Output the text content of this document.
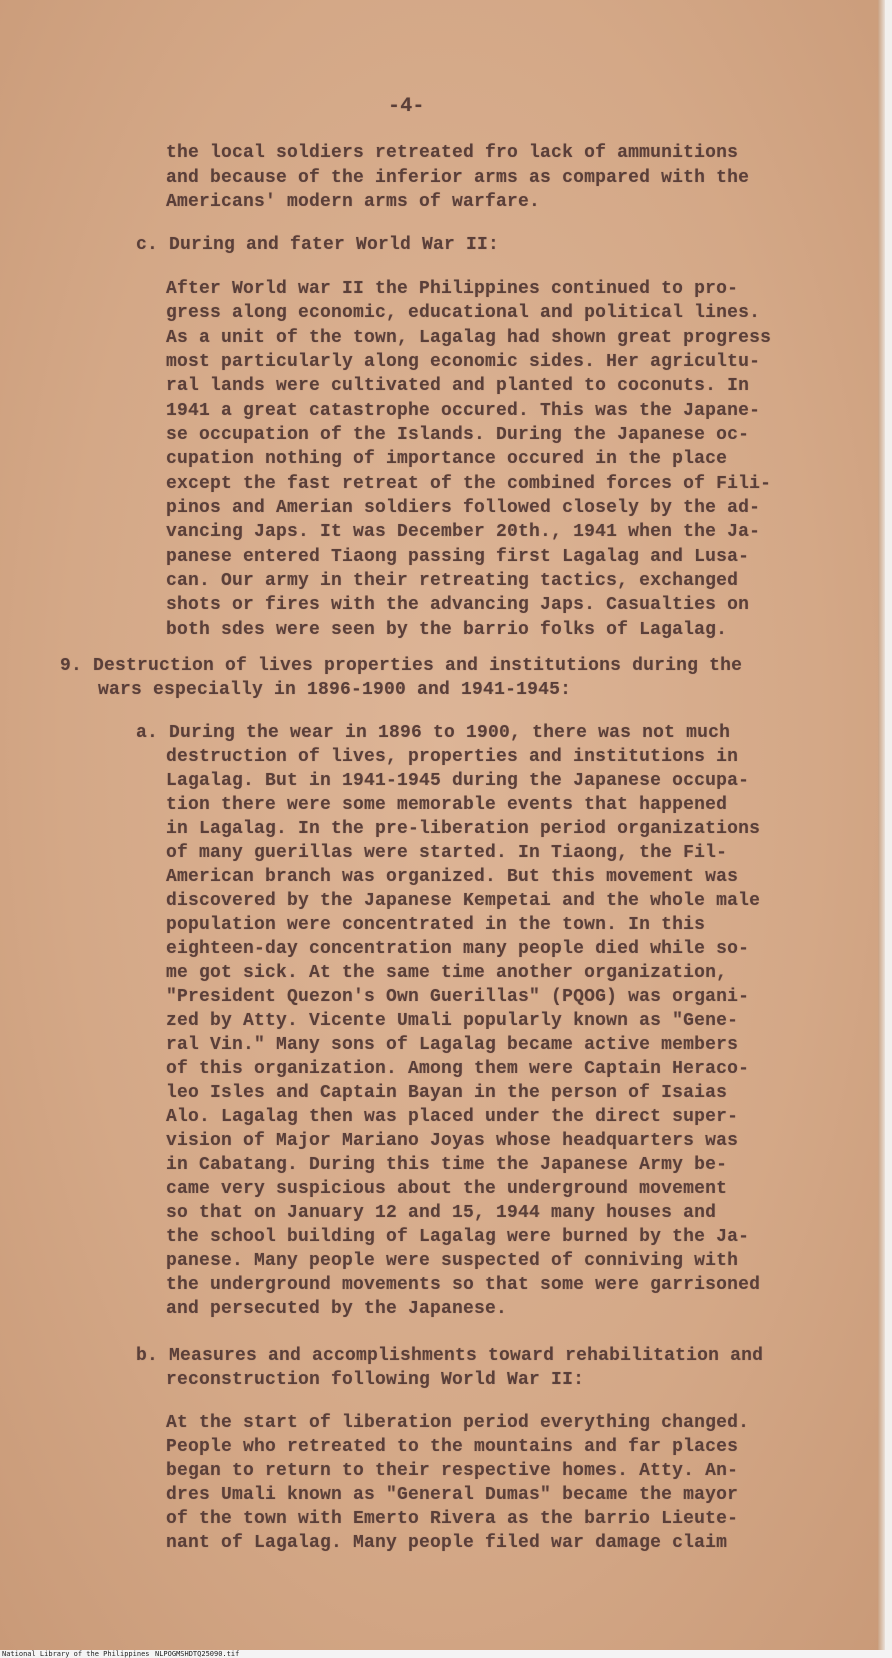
-4-
the local soldiers retreated fro lack of ammunitions
and because of the inferior arms as compared with the
Americans' modern arms of warfare.
c. During and fater World War II:
After World war II the Philippines continued to pro-
gress along economic, educational and political lines.
As a unit of the town, Lagalag had shown great progress
most particularly along economic sides. Her agricultu-
ral lands were cultivated and planted to coconuts. In
1941 a great catastrophe occured. This was the Japane-
se occupation of the Islands. During the Japanese oc-
cupation nothing of importance occured in the place
except the fast retreat of the combined forces of Fili-
pinos and Amerian soldiers followed closely by the ad-
vancing Japs. It was December 20th., 1941 when the Ja-
panese entered Tiaong passing first Lagalag and Lusa-
can. Our army in their retreating tactics, exchanged
shots or fires with the advancing Japs. Casualties on
both sdes were seen by the barrio folks of Lagalag.
9. Destruction of lives properties and institutions during the
wars especially in 1896-1900 and 1941-1945:
a. During the wear in 1896 to 1900, there was not much
destruction of lives, properties and institutions in
Lagalag. But in 1941-1945 during the Japanese occupa-
tion there were some memorable events that happened
in Lagalag. In the pre-liberation period organizations
of many guerillas were started. In Tiaong, the Fil-
American branch was organized. But this movement was
discovered by the Japanese Kempetai and the whole male
population were concentrated in the town. In this
eighteen-day concentration many people died while so-
me got sick. At the same time another organization,
"President Quezon's Own Guerillas" (PQOG) was organi-
zed by Atty. Vicente Umali popularly known as "Gene-
ral Vin." Many sons of Lagalag became active members
of this organization. Among them were Captain Heraco-
leo Isles and Captain Bayan in the person of Isaias
Alo. Lagalag then was placed under the direct super-
vision of Major Mariano Joyas whose headquarters was
in Cabatang. During this time the Japanese Army be-
came very suspicious about the underground movement
so that on January 12 and 15, 1944 many houses and
the school building of Lagalag were burned by the Ja-
panese. Many people were suspected of conniving with
the underground movements so that some were garrisoned
and persecuted by the Japanese.
b. Measures and accomplishments toward rehabilitation and
reconstruction following World War II:
At the start of liberation period everything changed.
People who retreated to the mountains and far places
began to return to their respective homes. Atty. An-
dres Umali known as "General Dumas" became the mayor
of the town with Emerto Rivera as the barrio Lieute-
nant of Lagalag. Many people filed war damage claim
National Library of the Philippines NLPOGMSHDTQ25090.tif
